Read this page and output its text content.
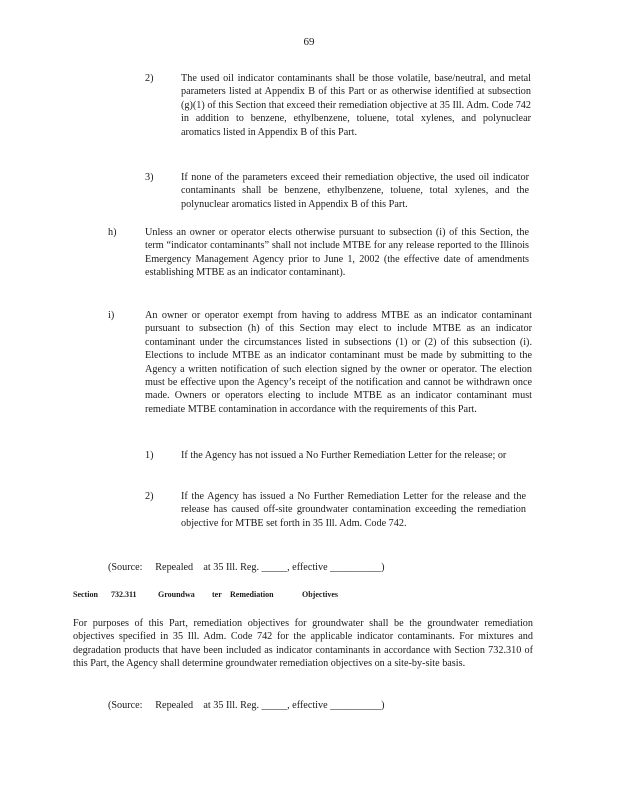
69
2)	The used oil indicator contaminants shall be those volatile, base/neutral, and metal parameters listed at Appendix B of this Part or as otherwise identified at subsection (g)(1) of this Section that exceed their remediation objective at 35 Ill. Adm. Code 742 in addition to benzene, ethylbenzene, toluene, total xylenes, and polynuclear aromatics listed in Appendix B of this Part.
3)	If none of the parameters exceed their remediation objective, the used oil indicator contaminants shall be benzene, ethylbenzene, toluene, total xylenes, and the polynuclear aromatics listed in Appendix B of this Part.
h)	Unless an owner or operator elects otherwise pursuant to subsection (i) of this Section, the term “indicator contaminants” shall not include MTBE for any release reported to the Illinois Emergency Management Agency prior to June 1, 2002 (the effective date of amendments establishing MTBE as an indicator contaminant).
i)	An owner or operator exempt from having to address MTBE as an indicator contaminant pursuant to subsection (h) of this Section may elect to include MTBE as an indicator contaminant under the circumstances listed in subsections (1) or (2) of this subsection (i). Elections to include MTBE as an indicator contaminant must be made by submitting to the Agency a written notification of such election signed by the owner or operator. The election must be effective upon the Agency’s receipt of the notification and cannot be withdrawn once made. Owners or operators electing to include MTBE as an indicator contaminant must remediate MTBE contamination in accordance with the requirements of this Part.
1)	If the Agency has not issued a No Further Remediation Letter for the release; or
2)	If the Agency has issued a No Further Remediation Letter for the release and the release has caused off-site groundwater contamination exceeding the remediation objective for MTBE set forth in 35 Ill. Adm. Code 742.
(Source:     Repealed    at 35 Ill. Reg. _____, effective __________)
Section 732.311	Groundwa ter Remediation	Objectives
For purposes of this Part, remediation objectives for groundwater shall be the groundwater remediation objectives specified in 35 Ill. Adm. Code 742 for the applicable indicator contaminants. For mixtures and degradation products that have been included as indicator contaminants in accordance with Section 732.310 of this Part, the Agency shall determine groundwater remediation objectives on a site-by-site basis.
(Source:     Repealed    at 35 Ill. Reg. _____, effective __________)
